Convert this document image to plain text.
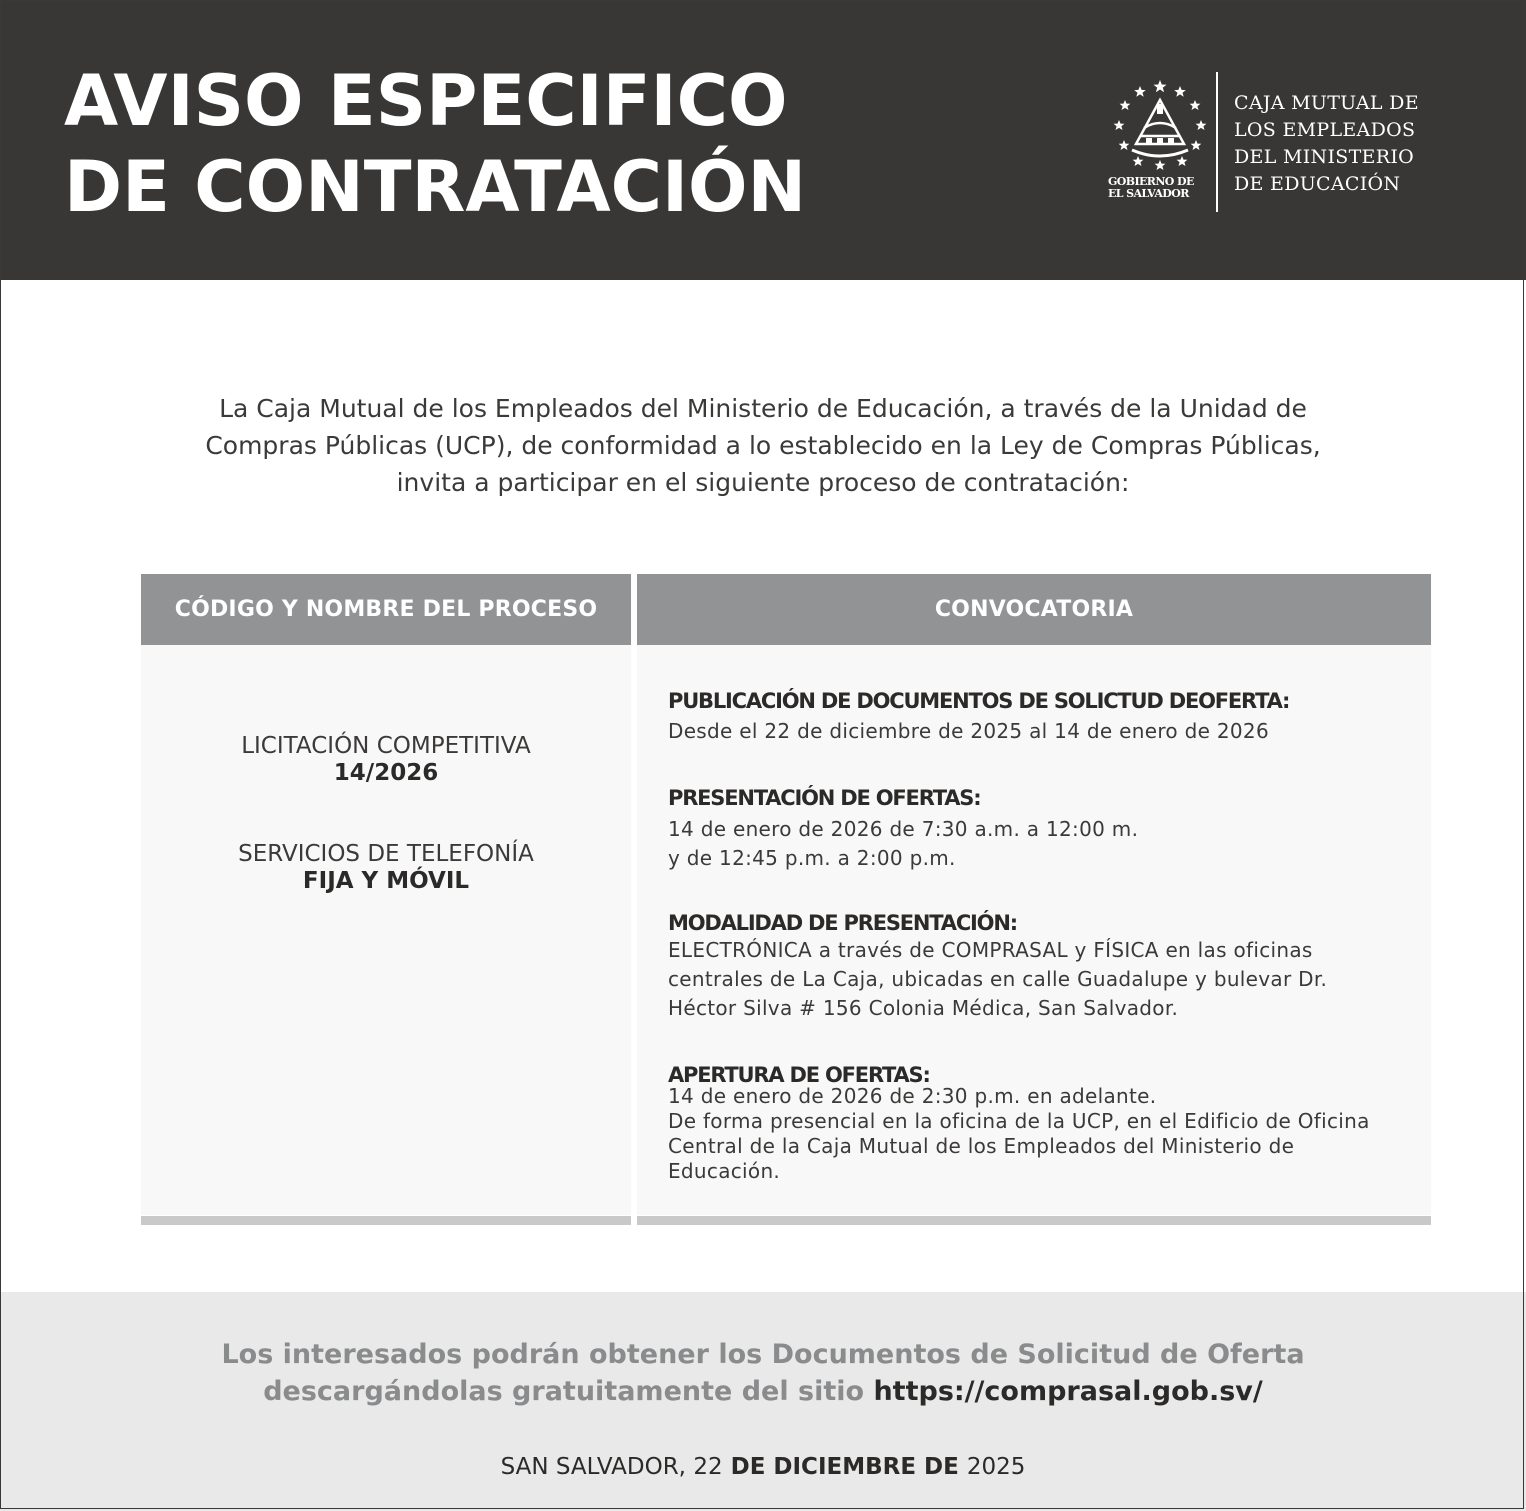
AVISO ESPECIFICO
DE CONTRATACIÓN	GOBIERNO DE
EL SALVADOR
CAJA MUTUAL DE
LOS EMPLEADOS
DEL MINISTERIO
DE EDUCACIÓN

La Caja Mutual de los Empleados del Ministerio de Educación, a través de la Unidad de
Compras Públicas (UCP), de conformidad a lo establecido en la Ley de Compras Públicas,
invita a participar en el siguiente proceso de contratación:

CÓDIGO Y NOMBRE DEL PROCESO	CONVOCATORIA
LICITACIÓN COMPETITIVA
14/2026
SERVICIOS DE TELEFONÍA
FIJA Y MÓVIL
PUBLICACIÓN DE DOCUMENTOS DE SOLICTUD DEOFERTA:
Desde el 22 de diciembre de 2025 al 14 de enero de 2026
PRESENTACIÓN DE OFERTAS:
14 de enero de 2026 de 7:30 a.m. a 12:00 m.
y de 12:45 p.m. a 2:00 p.m.
MODALIDAD DE PRESENTACIÓN:
ELECTRÓNICA a través de COMPRASAL y FÍSICA en las oficinas
centrales de La Caja, ubicadas en calle Guadalupe y bulevar Dr.
Héctor Silva # 156 Colonia Médica, San Salvador.
APERTURA DE OFERTAS:
14 de enero de 2026 de 2:30 p.m. en adelante.
De forma presencial en la oficina de la UCP, en el Edificio de Oficina
Central de la Caja Mutual de los Empleados del Ministerio de
Educación.
Los interesados podrán obtener los Documentos de Solicitud de Oferta
descargándolas gratuitamente del sitio https://comprasal.gob.sv/
SAN SALVADOR, 22 DE DICIEMBRE DE 2025
